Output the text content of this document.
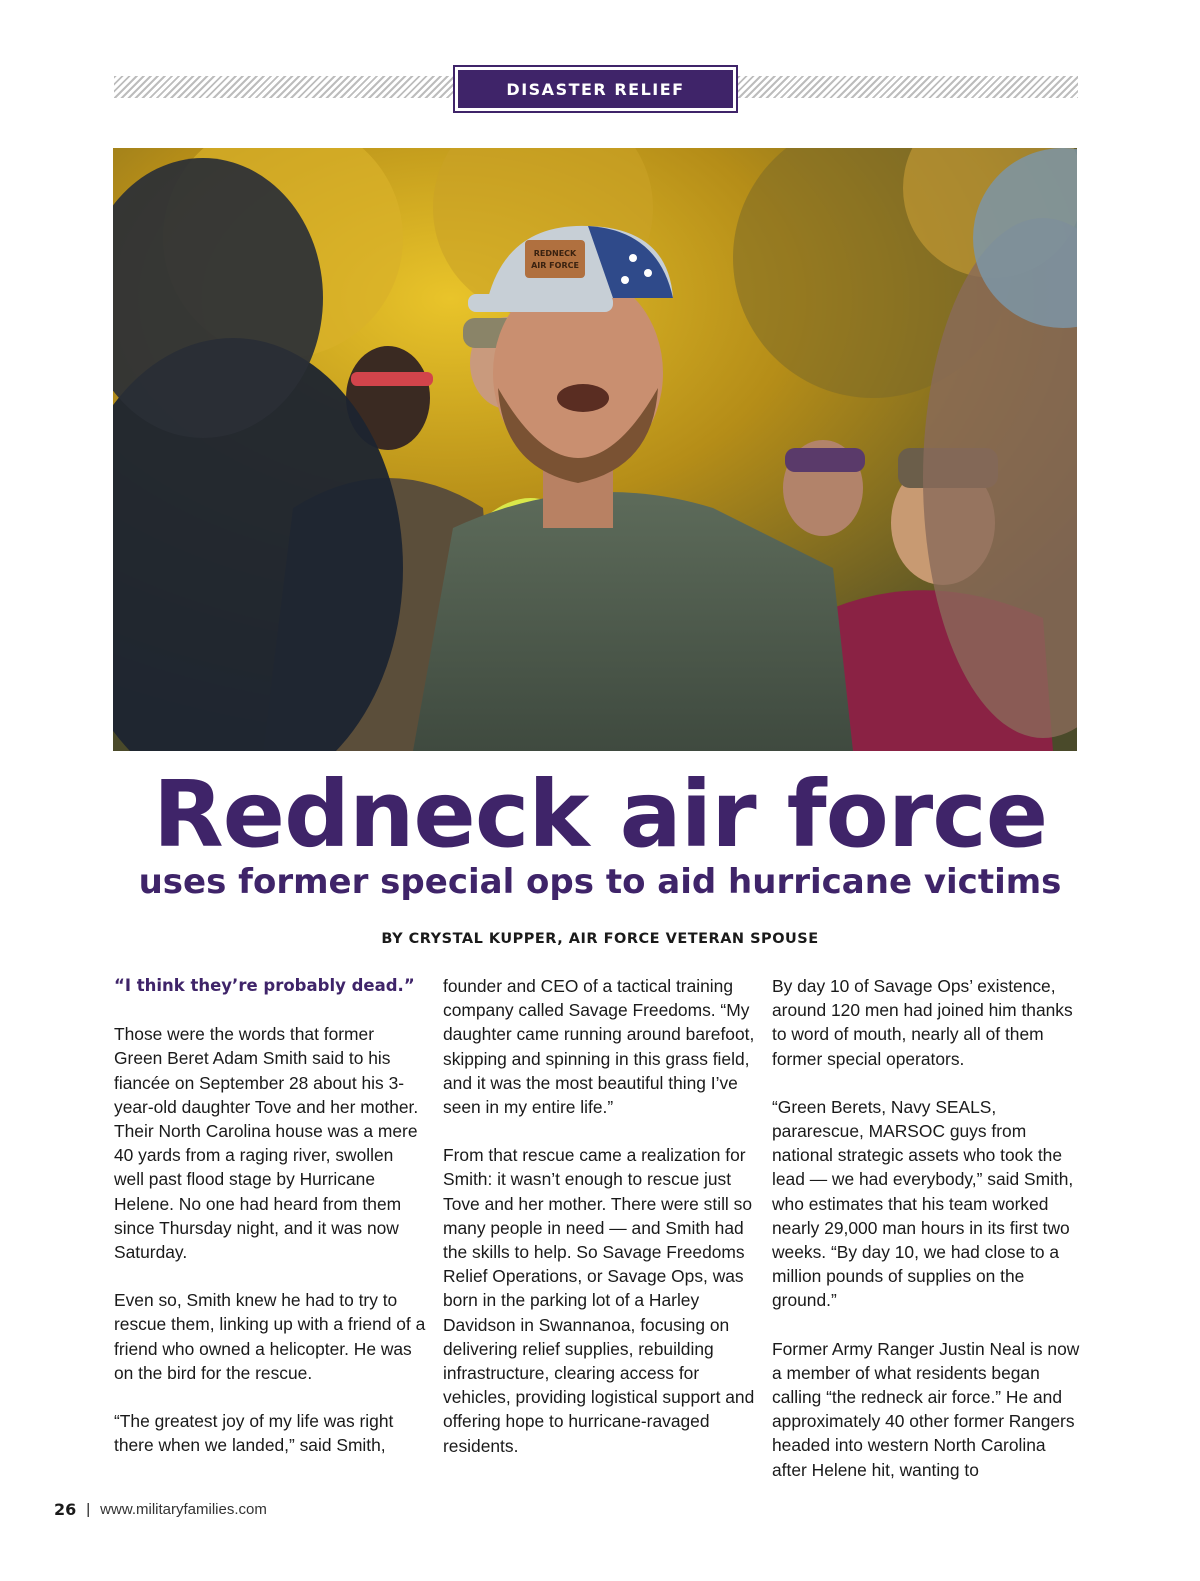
DISASTER RELIEF
REDNECK
AIR FORCE
Redneck air force
uses former special ops to aid hurricane victims
BY CRYSTAL KUPPER, AIR FORCE VETERAN SPOUSE

“I think they’re probably dead.”

Those were the words that former Green Beret Adam Smith said to his fiancée on September 28 about his 3-year-old daughter Tove and her mother. Their North Carolina house was a mere 40 yards from a raging river, swollen well past flood stage by Hurricane Helene. No one had heard from them since Thursday night, and it was now Saturday.

Even so, Smith knew he had to try to rescue them, linking up with a friend of a friend who owned a helicopter. He was on the bird for the rescue.

“The greatest joy of my life was right there when we landed,” said Smith,

founder and CEO of a tactical training company called Savage Freedoms. “My daughter came running around barefoot, skipping and spinning in this grass field, and it was the most beautiful thing I’ve seen in my entire life.”

From that rescue came a realization for Smith: it wasn’t enough to rescue just Tove and her mother. There were still so many people in need — and Smith had the skills to help. So Savage Freedoms Relief Operations, or Savage Ops, was born in the parking lot of a Harley Davidson in Swannanoa, focusing on delivering relief supplies, rebuilding infrastructure, clearing access for vehicles, providing logistical support and offering hope to hurricane-ravaged residents.

By day 10 of Savage Ops’ existence, around 120 men had joined him thanks to word of mouth, nearly all of them former special operators.

“Green Berets, Navy SEALS, pararescue, MARSOC guys from national strategic assets who took the lead — we had everybody,” said Smith, who estimates that his team worked nearly 29,000 man hours in its first two weeks. “By day 10, we had close to a million pounds of supplies on the ground.”

Former Army Ranger Justin Neal is now a member of what residents began calling “the redneck air force.” He and approximately 40 other former Rangers headed into western North Carolina after Helene hit, wanting to

26 | www.militaryfamilies.com
